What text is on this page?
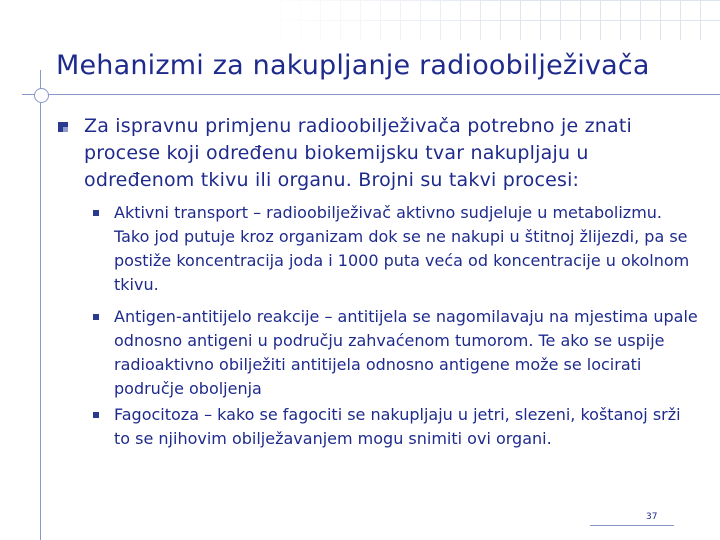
Mehanizmi za nakupljanje radioobilježivača
Za ispravnu primjenu radioobilježivača potrebno je znati procese koji određenu biokemijsku tvar nakupljaju u određenom tkivu ili organu. Brojni su takvi procesi:
Aktivni transport – radioobilježivač aktivno sudjeluje u metabolizmu. Tako jod putuje kroz organizam dok se ne nakupi u štitnoj žlijezdi, pa se postiže koncentracija joda i 1000 puta veća od koncentracije u okolnom tkivu.
Antigen-antitijelo reakcije – antitijela se nagomilavaju na mjestima upale odnosno antigeni u području zahvaćenom tumorom. Te ako se uspije radioaktivno obilježiti antitijela odnosno antigene može se locirati područje oboljenja
Fagocitoza – kako se fagociti se nakupljaju u jetri, slezeni, koštanoj srži to se njihovim obilježavanjem mogu snimiti ovi organi.
37
